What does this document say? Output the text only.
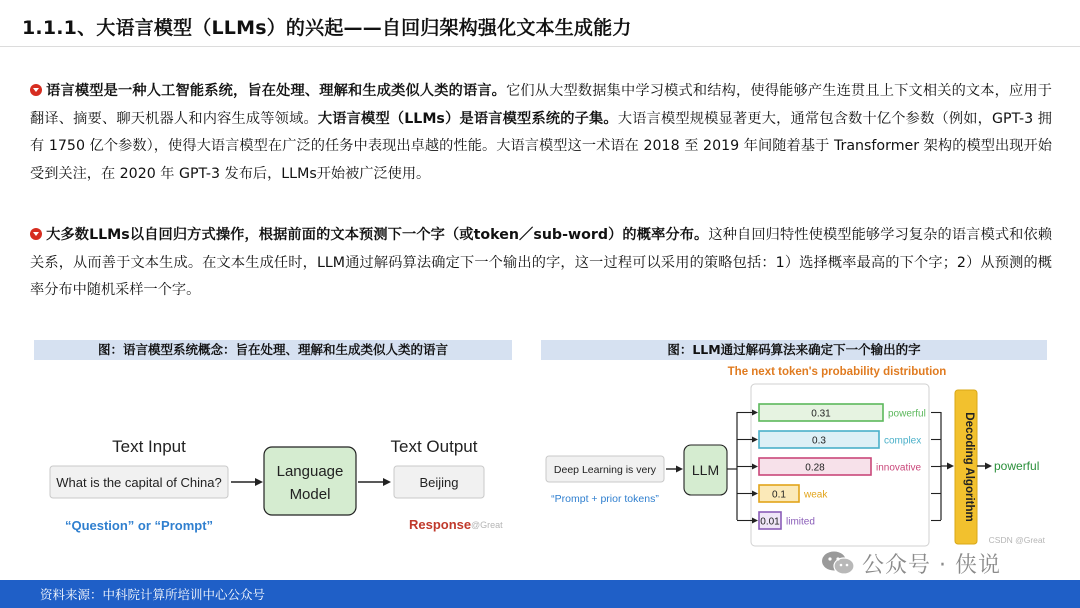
1.1.1、大语言模型（LLMs）的兴起——自回归架构强化文本生成能力
语言模型是一种人工智能系统，旨在处理、理解和生成类似人类的语言。它们从大型数据集中学习模式和结构，使得能够产生连贯且上下文相关的文本，应用于翻译、摘要、聊天机器人和内容生成等领域。大语言模型（LLMs）是语言模型系统的子集。大语言模型规模显著更大，通常包含数十亿个参数（例如，GPT-3 拥有 1750 亿个参数），使得大语言模型在广泛的任务中表现出卓越的性能。大语言模型这一术语在 2018 至 2019 年间随着基于 Transformer 架构的模型出现开始受到关注，在 2020 年 GPT-3 发布后，LLMs开始被广泛使用。
大多数LLMs以自回归方式操作，根据前面的文本预测下一个字（或token／sub-word）的概率分布。这种自回归特性使模型能够学习复杂的语言模式和依赖关系，从而善于文本生成。在文本生成任时，LLM通过解码算法确定下一个输出的字，这一过程可以采用的策略包括：1）选择概率最高的下个字；2）从预测的概率分布中随机采样一个字。
图：语言模型系统概念：旨在处理、理解和生成类似人类的语言	图：LLM通过解码算法来确定下一个输出的字
Text Input
What is the capital of China?
Language
Model
Text Output
Beijing
“Question” or “Prompt”	Response @Great
The next token's probability distribution
Deep Learning is very
“Prompt + prior tokens”
LLM
0.31	powerful
0.3	complex
0.28	innovative
0.1 weak
0.01 limited
Decoding Algorithm powerful
CSDN @Great
公众号 · 侠说
资料来源：中科院计算所培训中心公众号
